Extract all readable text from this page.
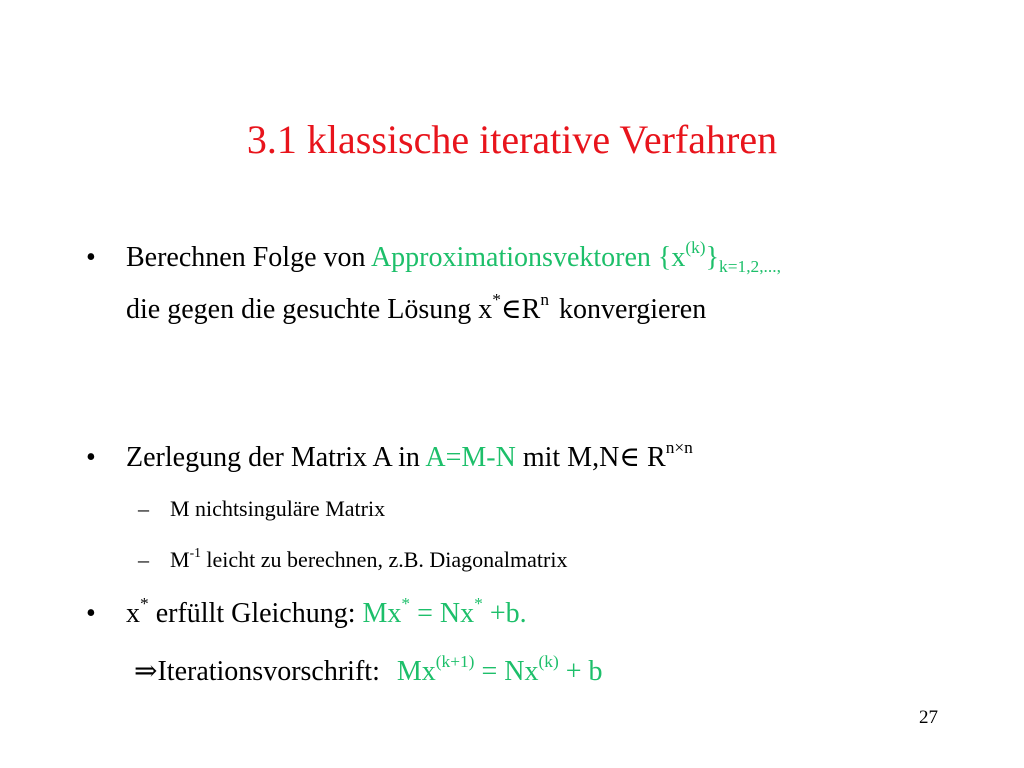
3.1 klassische iterative Verfahren
• Berechnen Folge von Approximationsvektoren $\{x^{(k)}\}_{k=1,2,...,}$
die gegen die gesuchte Lösung $x^*\in R^n$ konvergieren
• Zerlegung der Matrix A in A=M-N mit M,N∈ $R^{n\times n}$
– M nichtsinguläre Matrix
– $M^{-1}$ leicht zu berechnen, z.B. Diagonalmatrix
• x* erfüllt Gleichung: Mx* = Nx* +b.
⇒Iterationsvorschrift: $Mx^{(k+1)} = Nx^{(k)} + b$
27
